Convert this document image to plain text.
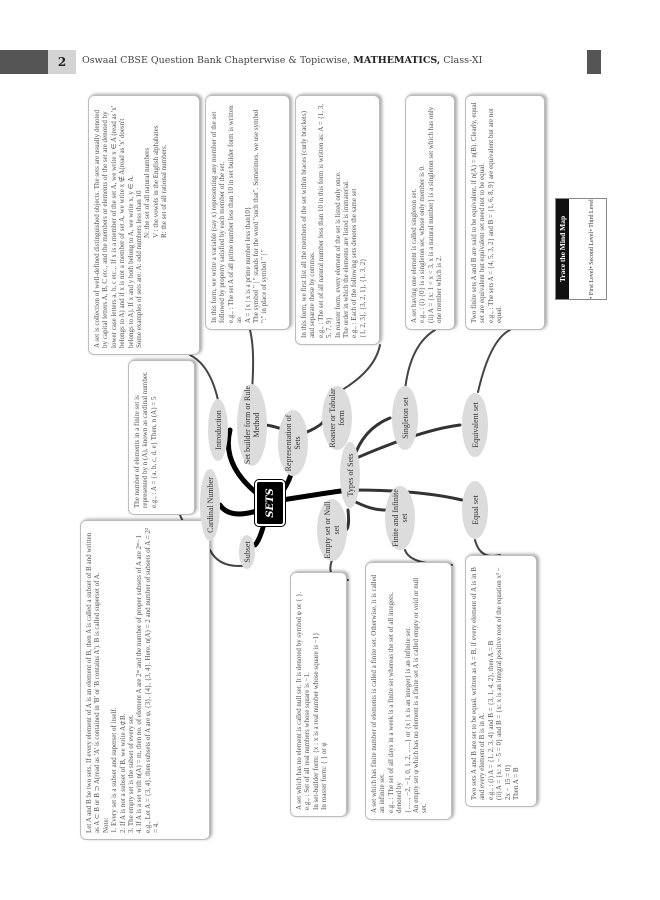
2	Oswaal CBSE Question Bank Chapterwise & Topicwise, MATHEMATICS, Class-XI
A set is collection of well-defined distinguished objects. The sets are usually denoted by capital letters A, B, C etc., and the members or elements of the set are denoted by lower case letters a, b, c etc.,. If x is a member of the set A, we write x ∈ A (read as 'x' belongs to A) and if x is not a member of set A, we write x ∉ A(read as 'x' doesn't belongs to A). If x and y both belong to A, we write x, y ∈ A. Some examples of sets are: A: odd numbers less than 10 N: the set of all natural numbers V : the vowels in the English alphabates R: the set of all rational numbers.	In this form, we write a variable (say x) representing any member of the set followed by property satisfied by each member of the set. e.g., : The set A of all prime number less than 10 in set builder form is written as A = {x | x is a prime number less than10} The symbol " | " stands for the word "such that". Sometimes, we use symbol ":" in place of symbol " | "	In this form, we first list all the members of the set within braces (curly brackets) and separate these by commas. e.g., : The set of all natural number less than 10 in this form is written as: A = {1, 3, 5, 7, 9} In roaster form, every element of the set is listed only once. The order in which the elements are listed is immaterial. e.g., : Each of the following sets denotes the same set {1, 2, 3}, {3, 2, 1}, {1, 3, 2}	A set having one element is called singleton set. e.g., : (i) {0} is a singleton set, whose only member is 0. (ii) A = {x: 1 < x < 3, x is a natural number} is a singleton set which has only one member which is 2.	Two finite sets A and B are said to be equivalent, if n(A) = n(B). Clearly, equal set are equivalent but equivalent set need not to be equal. e.g., : The sets A = {4, 5, 3, 2} and B = {1, 6, 8, 9} are equivalent but are not equal.
The number of elements in a finite set is represented by n (A), known as cardinal number. e.g., : A = {a, b, c, d, e} Then, n (A) = 5
Let A and B be two sets. If every element of A is an element of B, then A is called a subset of B and written as A ⊂ B or B ⊃ A(read as 'A' is contained in 'B' or 'B contains A'). B is called superset of A. Note: 1. Every set is a subset and superset of itself. 2. If A is not a subset of B, we write A⊄B. 3. The empty set is the subset of every set. 4. If A is a set with n(A) = m, then no. of element A are 2ᵐ and the number of proper subsets of A are 2ᵐ−1 e.g., Let A = {3, 4}, then subsets of A are φ, {3}, {4}, {3, 4}. Here, n(A) = 2 and number of subsets of A = 2² = 4.
A set which has no element is called null set. It is denoted by symbol φ or { }. e.g., : Set of all real numbers whose square is −1. In set-builder form: {x : x is a real number whose square is −1} In roaster form: { } or φ	A set which has finite number of elements is called a finite set. Otherwise, it is called an infinite set. e.g., : The set of all days in a week is a finite set whereas the set of all integers, denoted by {......, −2, −1, 0, 1, 2, ......} or {x | x is an integer} is an infinite set. An empty set φ which has no element is a finite set A is called empty or void or null set.
Two sets A and B are set to be equal, written as A = B, if every element of A is in B and every element of B is in A. e.g., : (i) A = {1, 2, 3, 4} and B = {3, 1, 4, 2}, then A = B (ii) A = {x: x − 5 = 0} and B = {x: x is an integral positive root of the equation x² − 2x − 15 = 0} Then A = B
SETS
Introduction
Cardinal Number
Subset
Set builder form or Rule Method	Representation of Sets	Roaster or Tabular form
Types of Sets
Singleton set	Equivalent set
Equal set
Finite and Infinite set
Empty set or Null set
Trace the Mind Map
• First Level
• Second Level
• Third Level
